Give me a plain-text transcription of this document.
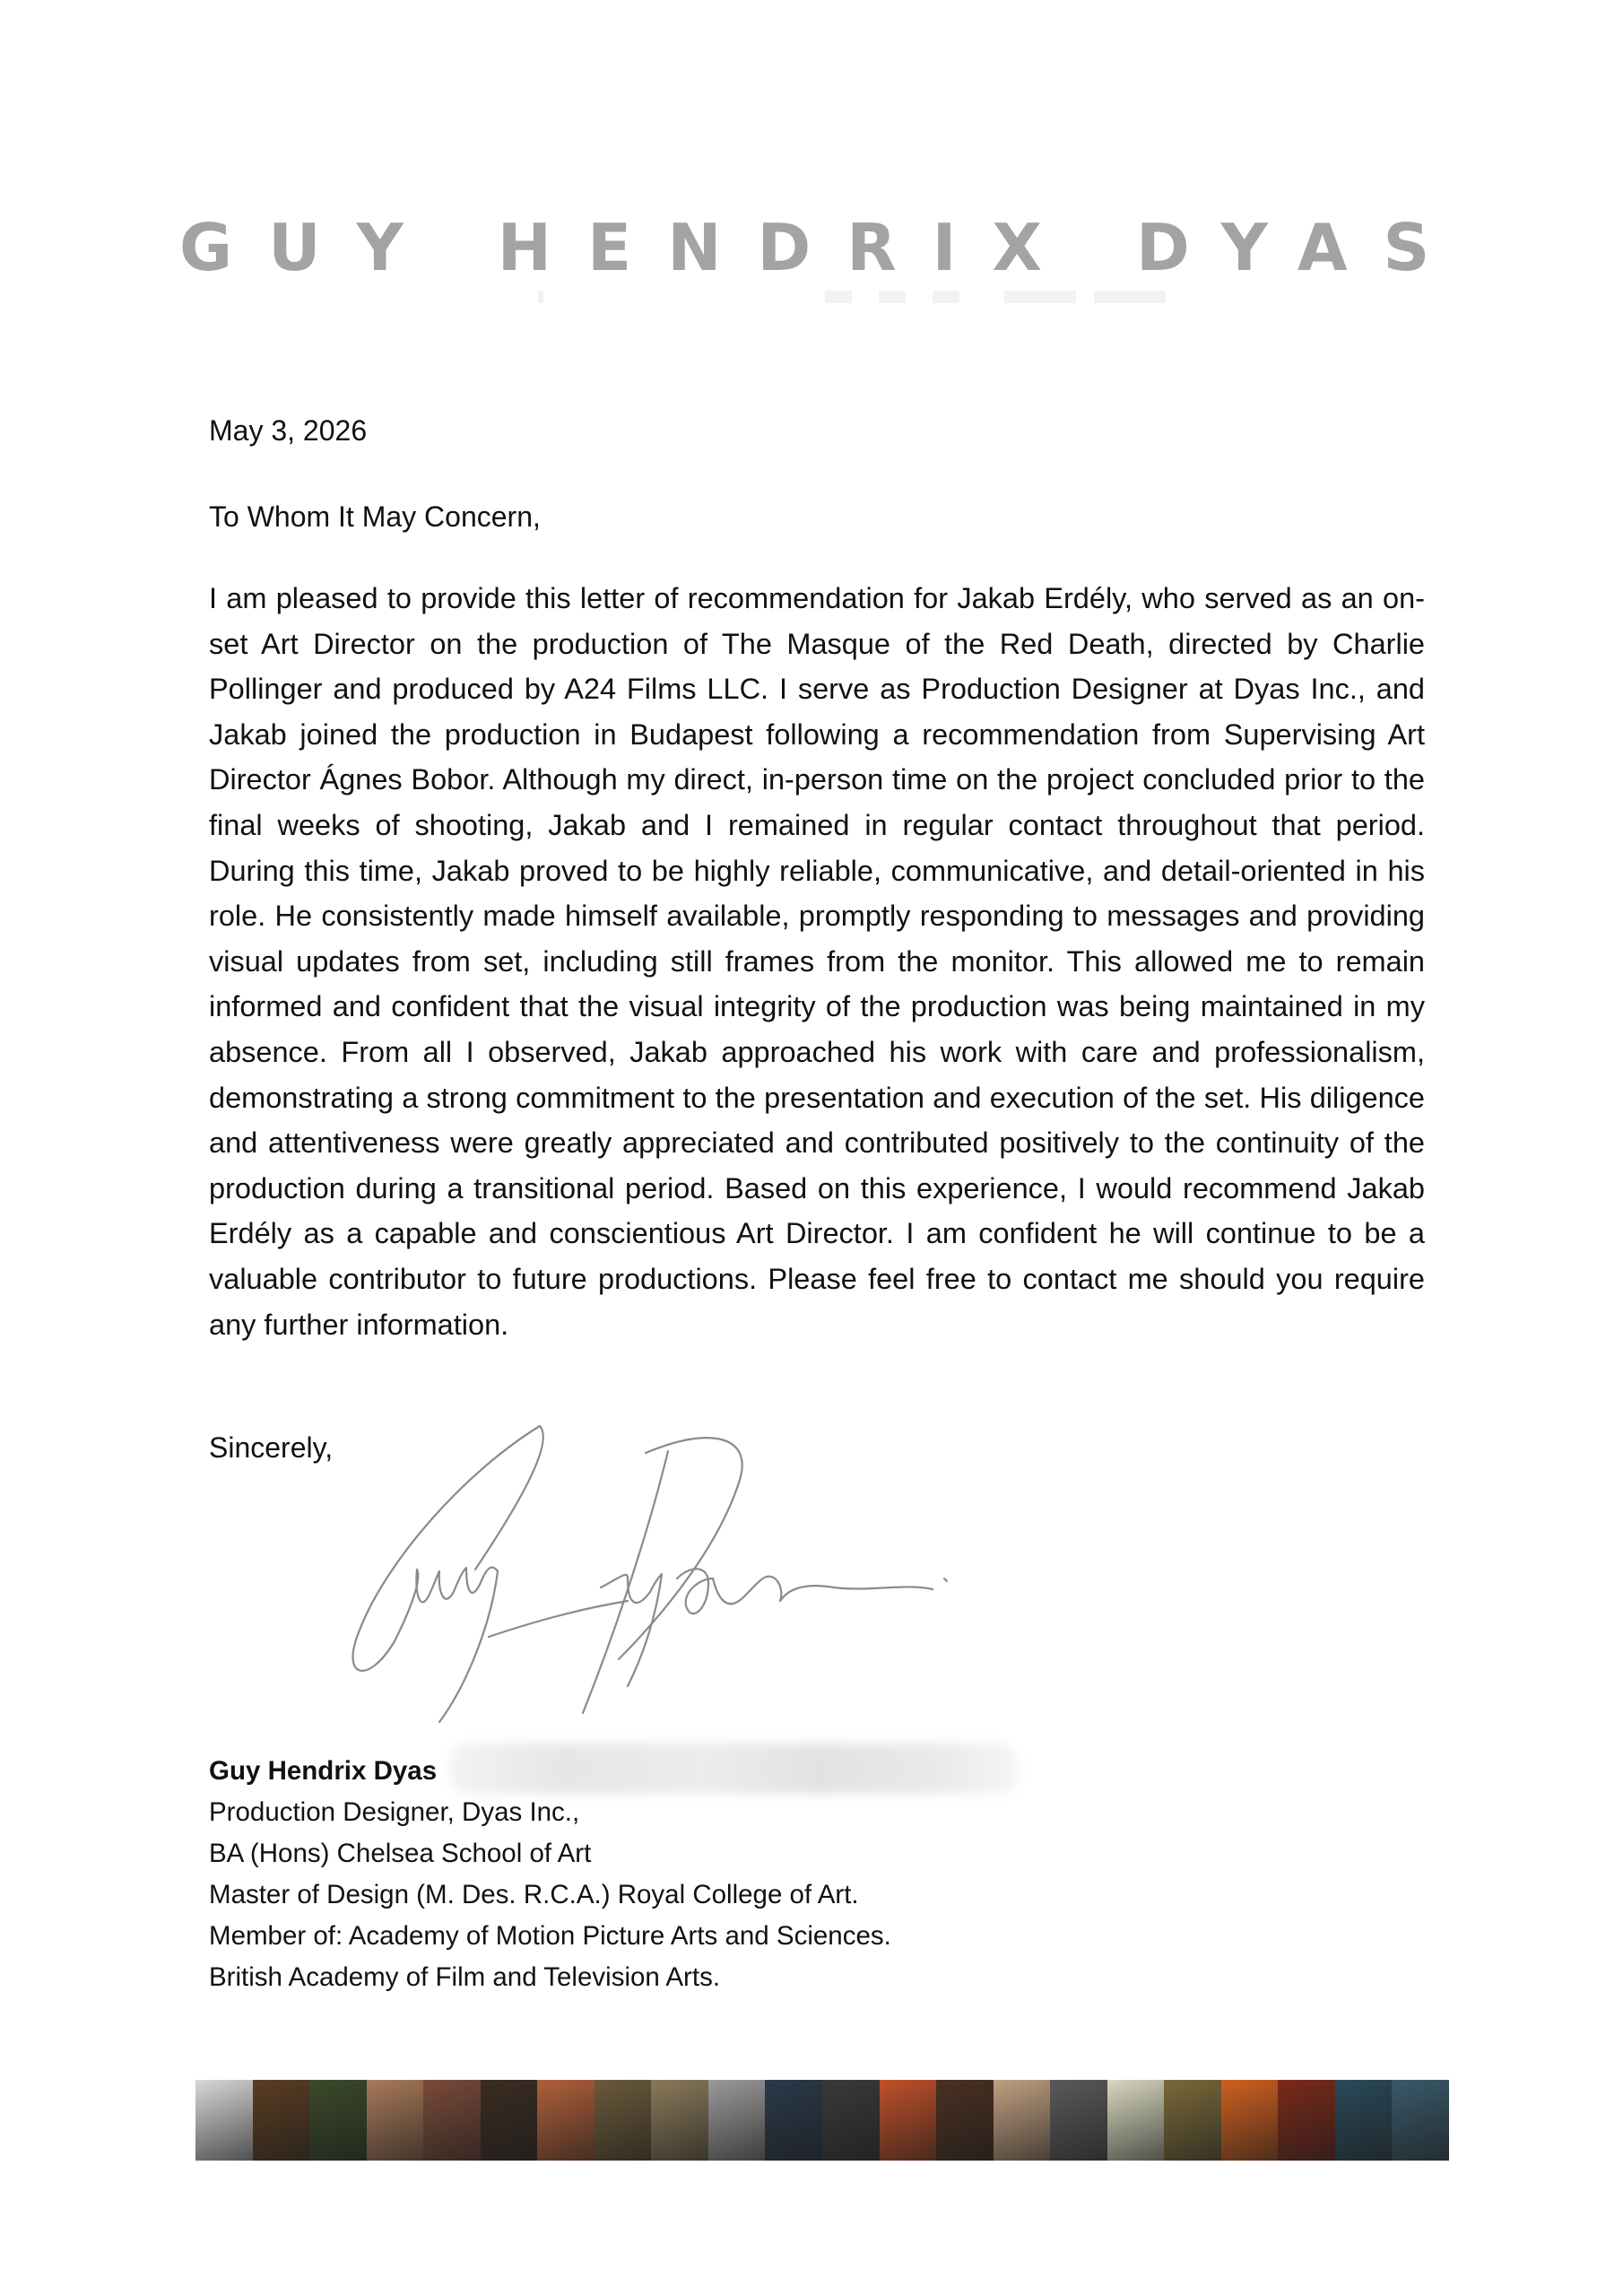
GUY HENDRIX DYAS
May 3, 2026
To Whom It May Concern,
I am pleased to provide this letter of recommendation for Jakab Erdély, who served as an on-set Art Director on the production of The Masque of the Red Death, directed by Charlie Pollinger and produced by A24 Films LLC. I serve as Production Designer at Dyas Inc., and Jakab joined the production in Budapest following a recommendation from Supervising Art Director Ágnes Bobor. Although my direct, in-person time on the project concluded prior to the final weeks of shooting, Jakab and I remained in regular contact throughout that period. During this time, Jakab proved to be highly reliable, communicative, and detail-oriented in his role. He consistently made himself available, promptly responding to messages and providing visual updates from set, including still frames from the monitor. This allowed me to remain informed and confident that the visual integrity of the production was being maintained in my absence. From all I observed, Jakab approached his work with care and professionalism, demonstrating a strong commitment to the presentation and execution of the set. His diligence and attentiveness were greatly appreciated and contributed positively to the continuity of the production during a transitional period. Based on this experience, I would recommend Jakab Erdély as a capable and conscientious Art Director. I am confident he will continue to be a valuable contributor to future productions. Please feel free to contact me should you require any further information.
Sincerely,
Guy Hendrix Dyas
Production Designer, Dyas Inc.,
BA (Hons) Chelsea School of Art
Master of Design (M. Des. R.C.A.) Royal College of Art.
Member of: Academy of Motion Picture Arts and Sciences.
British Academy of Film and Television Arts.
